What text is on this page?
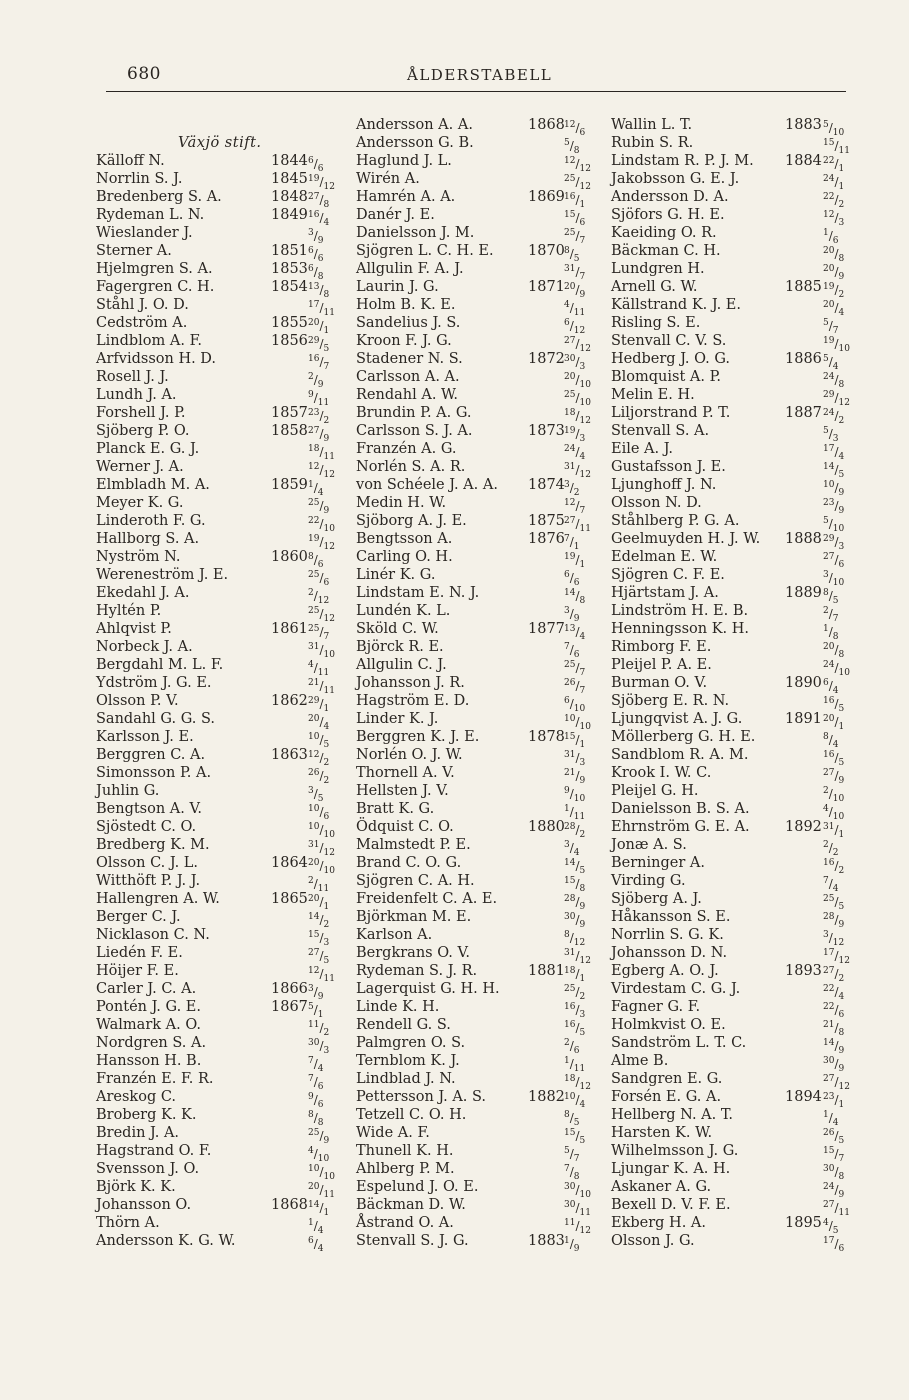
680	ÅLDERSTABELL
Växjö stift.
Källoff N.	1844 $^6/_6$
Norrlin S. J.	1845 $^{19}/_{12}$
Bredenberg S. A.	1848 $^{27}/_8$
Rydeman L. N.	1849 $^{16}/_4$
Wieslander J.	$^3/_9$
Sterner A.	1851 $^6/_6$
Hjelmgren S. A.	1853 $^6/_8$
Fagergren C. H.	1854 $^{13}/_8$
Ståhl J. O. D.	$^{17}/_{11}$
Cedström A.	1855 $^{20}/_1$
Lindblom A. F.	1856 $^{29}/_5$
Arfvidsson H. D.	$^{16}/_7$
Rosell J. J.	$^2/_9$
Lundh J. A.	$^9/_{11}$
Forshell J. P.	1857 $^{23}/_2$
Sjöberg P. O.	1858 $^{27}/_9$
Planck E. G. J.	$^{18}/_{11}$
Werner J. A.	$^{12}/_{12}$
Elmbladh M. A.	1859 $^1/_4$
Meyer K. G.	$^{25}/_9$
Linderoth F. G.	$^{22}/_{10}$
Hallborg S. A.	$^{19}/_{12}$
Nyström N.	1860 $^8/_6$
Wereneström J. E.	$^{25}/_6$
Ekedahl J. A.	$^2/_{12}$
Hyltén P.	$^{25}/_{12}$
Ahlqvist P.	1861 $^{25}/_7$
Norbeck J. A.	$^{31}/_{10}$
Bergdahl M. L. F.	$^4/_{11}$
Ydström J. G. E.	$^{21}/_{11}$
Olsson P. V.	1862 $^{29}/_1$
Sandahl G. G. S.	$^{20}/_4$
Karlsson J. E.	$^{10}/_5$
Berggren C. A.	1863 $^{12}/_2$
Simonsson P. A.	$^{26}/_2$
Juhlin G.	$^3/_5$
Bengtson A. V.	$^{10}/_6$
Sjöstedt C. O.	$^{10}/_{10}$
Bredberg K. M.	$^{31}/_{12}$
Olsson C. J. L.	1864 $^{20}/_{10}$
Witthöft P. J. J.	$^2/_{11}$
Hallengren A. W.	1865 $^{20}/_1$
Berger C. J.	$^{14}/_2$
Nicklason C. N.	$^{15}/_3$
Liedén F. E.	$^{27}/_5$
Höijer F. E.	$^{12}/_{11}$
Carler J. C. A.	1866 $^3/_9$
Pontén J. G. E.	1867 $^5/_1$
Walmark A. O.	$^{11}/_2$
Nordgren S. A.	$^{30}/_3$
Hansson H. B.	$^7/_4$
Franzén E. F. R.	$^7/_6$
Areskog C.	$^9/_6$
Broberg K. K.	$^8/_8$
Bredin J. A.	$^{25}/_9$
Hagstrand O. F.	$^4/_{10}$
Svensson J. O.	$^{10}/_{10}$
Björk K. K.	$^{20}/_{11}$
Johansson O.	1868 $^{14}/_1$
Thörn A.	$^1/_4$
Andersson K. G. W.	$^6/_4$
Andersson A. A.	1868 $^{12}/_6$
Andersson G. B.	$^5/_8$
Haglund J. L.	$^{12}/_{12}$
Wirén A.	$^{25}/_{12}$
Hamrén A. A.	1869 $^{16}/_1$
Danér J. E.	$^{15}/_6$
Danielsson J. M.	$^{25}/_7$
Sjögren L. C. H. E. 1870 $^8/_5$
Allgulin F. A. J.	$^{31}/_7$
Laurin J. G.	1871 $^{20}/_9$
Holm B. K. E.	$^4/_{11}$
Sandelius J. S.	$^6/_{12}$
Kroon F. J. G.	$^{27}/_{12}$
Stadener N. S.	1872 $^{30}/_3$
Carlsson A. A.	$^{20}/_{10}$
Rendahl A. W.	$^{25}/_{10}$
Brundin P. A. G.	$^{18}/_{12}$
Carlsson S. J. A.	1873 $^{19}/_3$
Franzén A. G.	$^{24}/_4$
Norlén S. A. R.	$^{31}/_{12}$
von Schéele J. A. A. 1874 $^3/_2$
Medin H. W.	$^{12}/_7$
Sjöborg A. J. E.	1875 $^{27}/_{11}$
Bengtsson A.	1876 $^7/_1$
Carling O. H.	$^{19}/_1$
Linér K. G.	$^6/_6$
Lindstam E. N. J.	$^{14}/_8$
Lundén K. L.	$^3/_9$
Sköld C. W.	1877 $^{13}/_4$
Björck R. E.	$^7/_6$
Allgulin C. J.	$^{25}/_7$
Johansson J. R.	$^{26}/_7$
Hagström E. D.	$^6/_{10}$
Linder K. J.	$^{10}/_{10}$
Berggren K. J. E.	1878 $^{15}/_1$
Norlén O. J. W.	$^{31}/_3$
Thornell A. V.	$^{21}/_9$
Hellsten J. V.	$^9/_{10}$
Bratt K. G.	$^1/_{11}$
Ödquist C. O.	1880 $^{28}/_2$
Malmstedt P. E.	$^3/_4$
Brand C. O. G.	$^{14}/_5$
Sjögren C. A. H.	$^{15}/_8$
Freidenfelt C. A. E.	$^{28}/_9$
Björkman M. E.	$^{30}/_9$
Karlson A.	$^8/_{12}$
Bergkrans O. V.	$^{31}/_{12}$
Rydeman S. J. R.	1881 $^{18}/_1$
Lagerquist G. H. H.	$^{25}/_2$
Linde K. H.	$^{16}/_3$
Rendell G. S.	$^{16}/_5$
Palmgren O. S.	$^2/_6$
Ternblom K. J.	$^1/_{11}$
Lindblad J. N.	$^{18}/_{12}$
Pettersson J. A. S.	1882 $^{10}/_4$
Tetzell C. O. H.	$^8/_5$
Wide A. F.	$^{15}/_5$
Thunell K. H.	$^5/_7$
Ahlberg P. M.	$^7/_8$
Espelund J. O. E.	$^{30}/_{10}$
Bäckman D. W.	$^{30}/_{11}$
Åstrand O. A.	$^{11}/_{12}$
Stenvall S. J. G.	1883 $^1/_9$
Wallin L. T.	1883 $^5/_{10}$
Rubin S. R.	$^{15}/_{11}$
Lindstam R. P. J. M. 1884 $^{22}/_1$
Jakobsson G. E. J.	$^{24}/_1$
Andersson D. A.	$^{22}/_2$
Sjöfors G. H. E.	$^{12}/_3$
Kaeiding O. R.	$^1/_6$
Bäckman C. H.	$^{20}/_8$
Lundgren H.	$^{20}/_9$
Arnell G. W.	1885 $^{19}/_2$
Källstrand K. J. E.	$^{20}/_4$
Risling S. E.	$^5/_7$
Stenvall C. V. S.	$^{19}/_{10}$
Hedberg J. O. G.	1886 $^5/_4$
Blomquist A. P.	$^{24}/_8$
Melin E. H.	$^{29}/_{12}$
Liljorstrand P. T.	1887 $^{24}/_2$
Stenvall S. A.	$^5/_3$
Eile A. J.	$^{17}/_4$
Gustafsson J. E.	$^{14}/_5$
Ljunghoff J. N.	$^{10}/_9$
Olsson N. D.	$^{23}/_9$
Ståhlberg P. G. A.	$^5/_{10}$
Geelmuyden H. J. W. 1888 $^{29}/_3$
Edelman E. W.	$^{27}/_6$
Sjögren C. F. E.	$^3/_{10}$
Hjärtstam J. A.	1889 $^8/_5$
Lindström H. E. B.	$^2/_7$
Henningsson K. H.	$^1/_8$
Rimborg F. E.	$^{20}/_8$
Pleijel P. A. E.	$^{24}/_{10}$
Burman O. V.	1890 $^6/_4$
Sjöberg E. R. N.	$^{16}/_5$
Ljungqvist A. J. G.	1891 $^{20}/_1$
Möllerberg G. H. E.	$^8/_4$
Sandblom R. A. M.	$^{16}/_5$
Krook I. W. C.	$^{27}/_9$
Pleijel G. H.	$^2/_{10}$
Danielsson B. S. A.	$^4/_{10}$
Ehrnström G. E. A. 1892 $^{31}/_1$
Jonæ A. S.	$^2/_2$
Berninger A.	$^{16}/_2$
Virding G.	$^7/_4$
Sjöberg A. J.	$^{25}/_5$
Håkansson S. E.	$^{28}/_9$
Norrlin S. G. K.	$^3/_{12}$
Johansson D. N.	$^{17}/_{12}$
Egberg A. O. J.	1893 $^{27}/_2$
Virdestam C. G. J.	$^{22}/_4$
Fagner G. F.	$^{22}/_6$
Holmkvist O. E.	$^{21}/_8$
Sandström L. T. C.	$^{14}/_9$
Alme B.	$^{30}/_9$
Sandgren E. G.	$^{27}/_{12}$
Forsén E. G. A.	1894 $^{23}/_1$
Hellberg N. A. T.	$^1/_4$
Harsten K. W.	$^{26}/_5$
Wilhelmsson J. G.	$^{15}/_7$
Ljungar K. A. H.	$^{30}/_8$
Askaner A. G.	$^{24}/_9$
Bexell D. V. F. E.	$^{27}/_{11}$
Ekberg H. A.	1895 $^4/_5$
Olsson J. G.	$^{17}/_6$
